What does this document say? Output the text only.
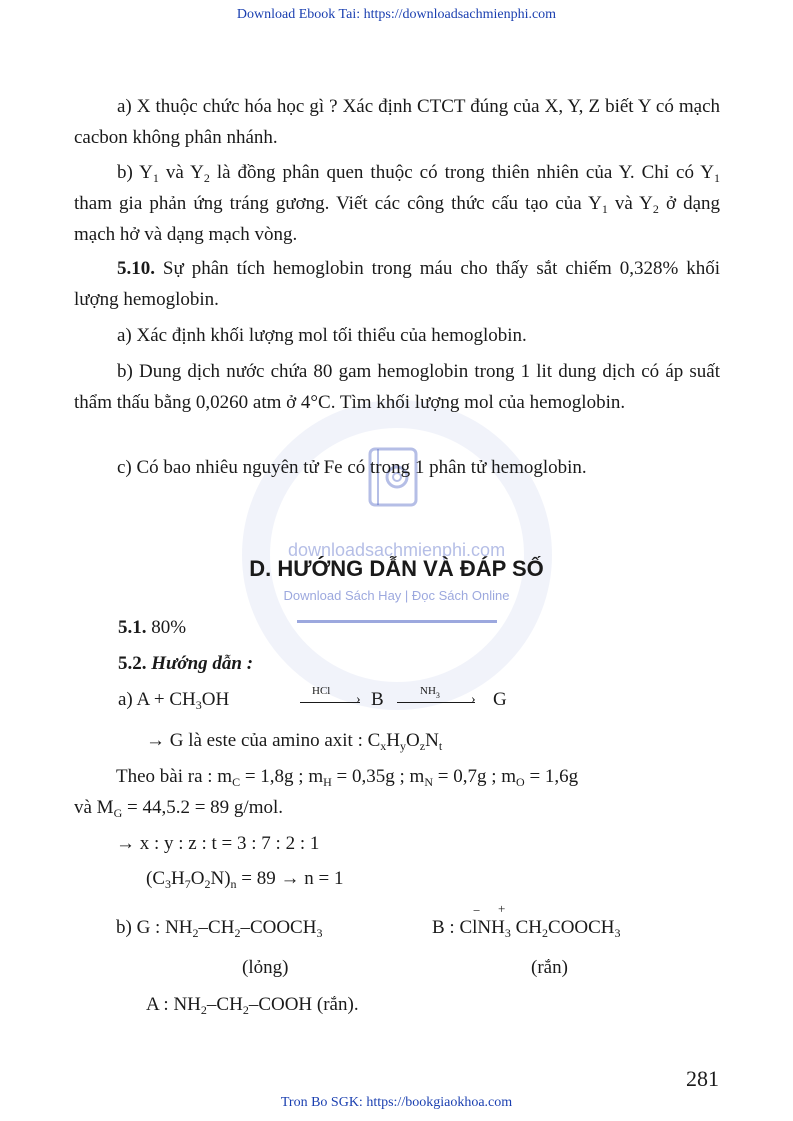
Download Ebook Tai: https://downloadsachmienphi.com
downloadsachmienphi.com
Download Sách Hay | Đọc Sách Online
a) X thuộc chức hóa học gì ? Xác định CTCT đúng của X, Y, Z biết Y có mạch cacbon không phân nhánh.
b) $Y_1$ và $Y_2$ là đồng phân quen thuộc có trong thiên nhiên của Y. Chỉ có $Y_1$ tham gia phản ứng tráng gương. Viết các công thức cấu tạo của $Y_1$ và $Y_2$ ở dạng mạch hở và dạng mạch vòng.
5.10. Sự phân tích hemoglobin trong máu cho thấy sắt chiếm 0,328% khối lượng hemoglobin.
a) Xác định khối lượng mol tối thiểu của hemoglobin.
b) Dung dịch nước chứa 80 gam hemoglobin trong 1 lit dung dịch có áp suất thẩm thấu bằng 0,0260 atm ở 4°C. Tìm khối lượng mol của hemoglobin.
c) Có bao nhiêu nguyên tử Fe có trong 1 phân tử hemoglobin.
D. HƯỚNG DẪN VÀ ĐÁP SỐ
5.1. 80%
5.2. Hướng dẫn :
a) $A + CH_3OH$	HCl
› B	$NH_3$ › G
→ G là este của amino axit : $C_xH_yO_zN_t$
Theo bài ra : $m_C = 1,8g$ ; $m_H = 0,35g$ ; $m_N = 0,7g$ ; $m_O = 1,6g$
và $M_G = 44,5.2 = 89$ g/mol.
→ x : y : z : t = 3 : 7 : 2 : 1
$(C_3H_7O_2N)_n = 89 \to n = 1$
b) G : $NH_2-CH_2-COOCH_3$	B : ClNH$_3$ $CH_2COOCH_3$
− +
(lỏng)	(rắn)
A : $NH_2-CH_2$–COOH (rắn).
281
Tron Bo SGK: https://bookgiaokhoa.com
